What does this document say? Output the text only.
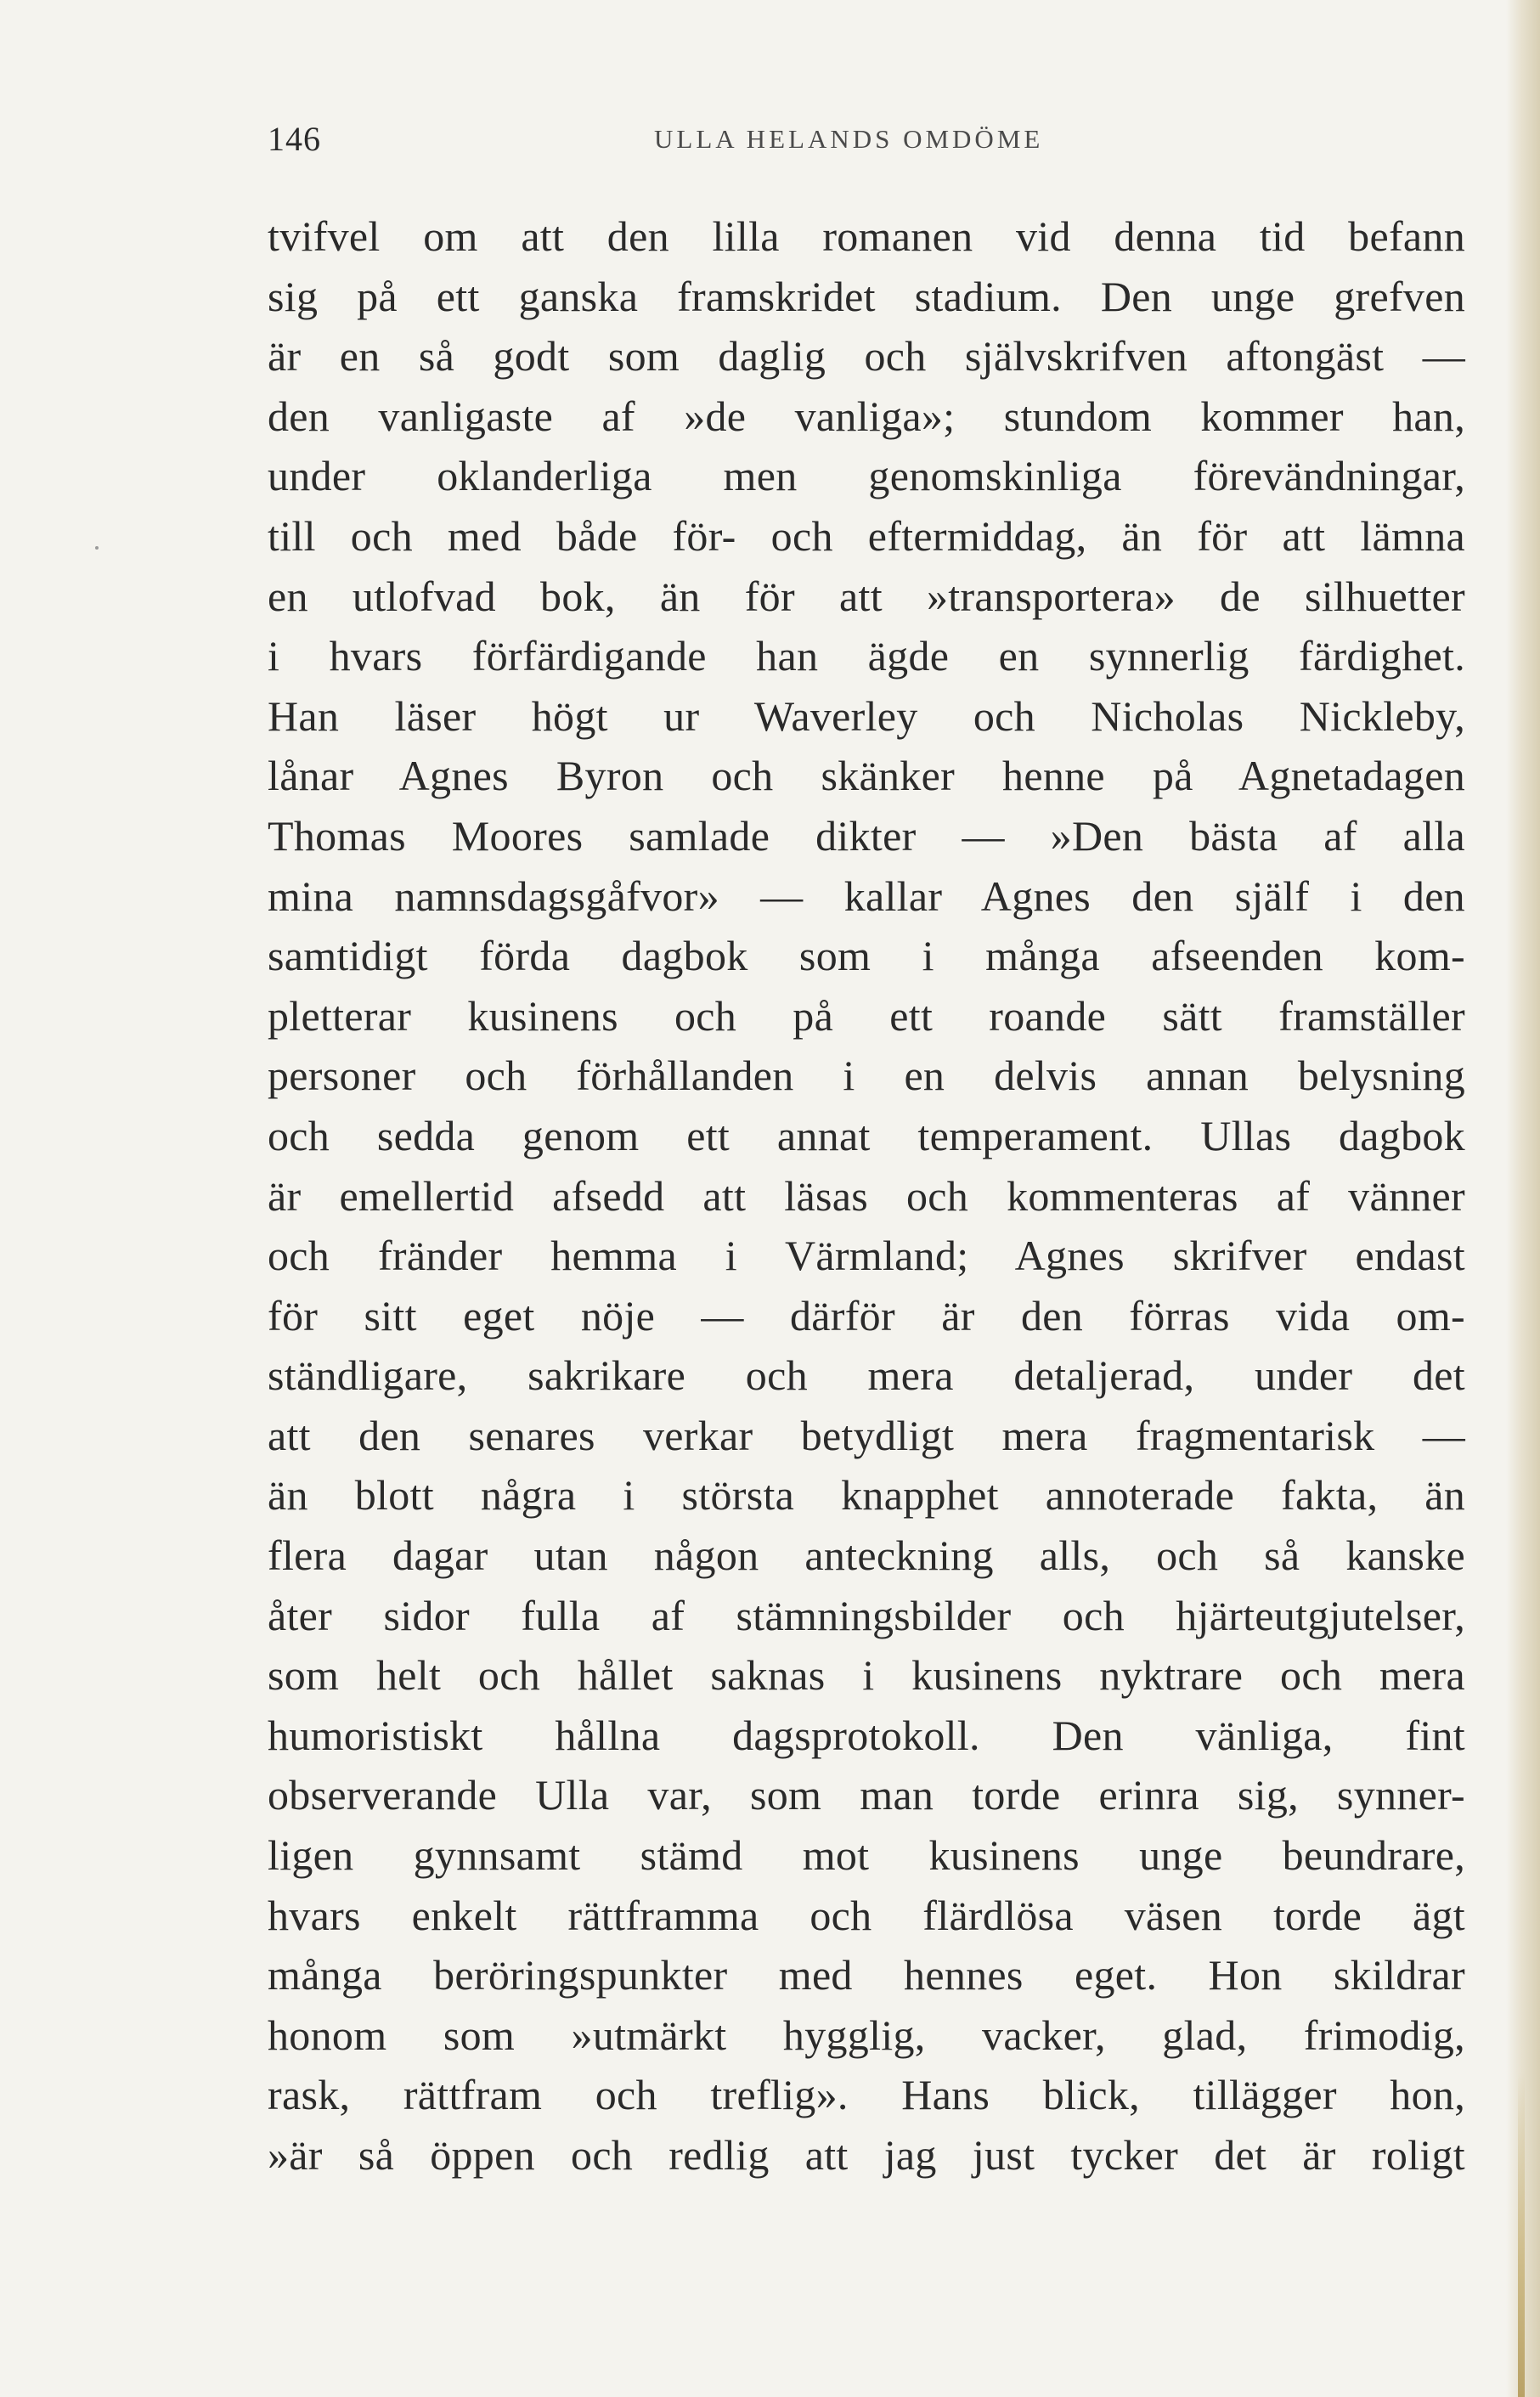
146	ULLA HELANDS OMDÖME
tvifvel om att den lilla romanen vid denna tid befann
sig på ett ganska framskridet stadium. Den unge grefven
är en så godt som daglig och självskrifven aftongäst —
den vanligaste af »de vanliga»; stundom kommer han,
under oklanderliga men genomskinliga förevändningar,
till och med både för- och eftermiddag, än för att lämna
en utlofvad bok, än för att »transportera» de silhuetter
i hvars förfärdigande han ägde en synnerlig färdighet.
Han läser högt ur Waverley och Nicholas Nickleby,
lånar Agnes Byron och skänker henne på Agnetadagen
Thomas Moores samlade dikter — »Den bästa af alla
mina namnsdagsgåfvor» — kallar Agnes den själf i den
samtidigt förda dagbok som i många afseenden kom-
pletterar kusinens och på ett roande sätt framställer
personer och förhållanden i en delvis annan belysning
och sedda genom ett annat temperament. Ullas dagbok
är emellertid afsedd att läsas och kommenteras af vänner
och fränder hemma i Värmland; Agnes skrifver endast
för sitt eget nöje — därför är den förras vida om-
ständligare, sakrikare och mera detaljerad, under det
att den senares verkar betydligt mera fragmentarisk —
än blott några i största knapphet annoterade fakta, än
flera dagar utan någon anteckning alls, och så kanske
åter sidor fulla af stämningsbilder och hjärteutgjutelser,
som helt och hållet saknas i kusinens nyktrare och mera
humoristiskt hållna dagsprotokoll. Den vänliga, fint
observerande Ulla var, som man torde erinra sig, synner-
ligen gynnsamt stämd mot kusinens unge beundrare,
hvars enkelt rättframma och flärdlösa väsen torde ägt
många beröringspunkter med hennes eget. Hon skildrar
honom som »utmärkt hygglig, vacker, glad, frimodig,
rask, rättfram och treflig». Hans blick, tillägger hon,
»är så öppen och redlig att jag just tycker det är roligt
